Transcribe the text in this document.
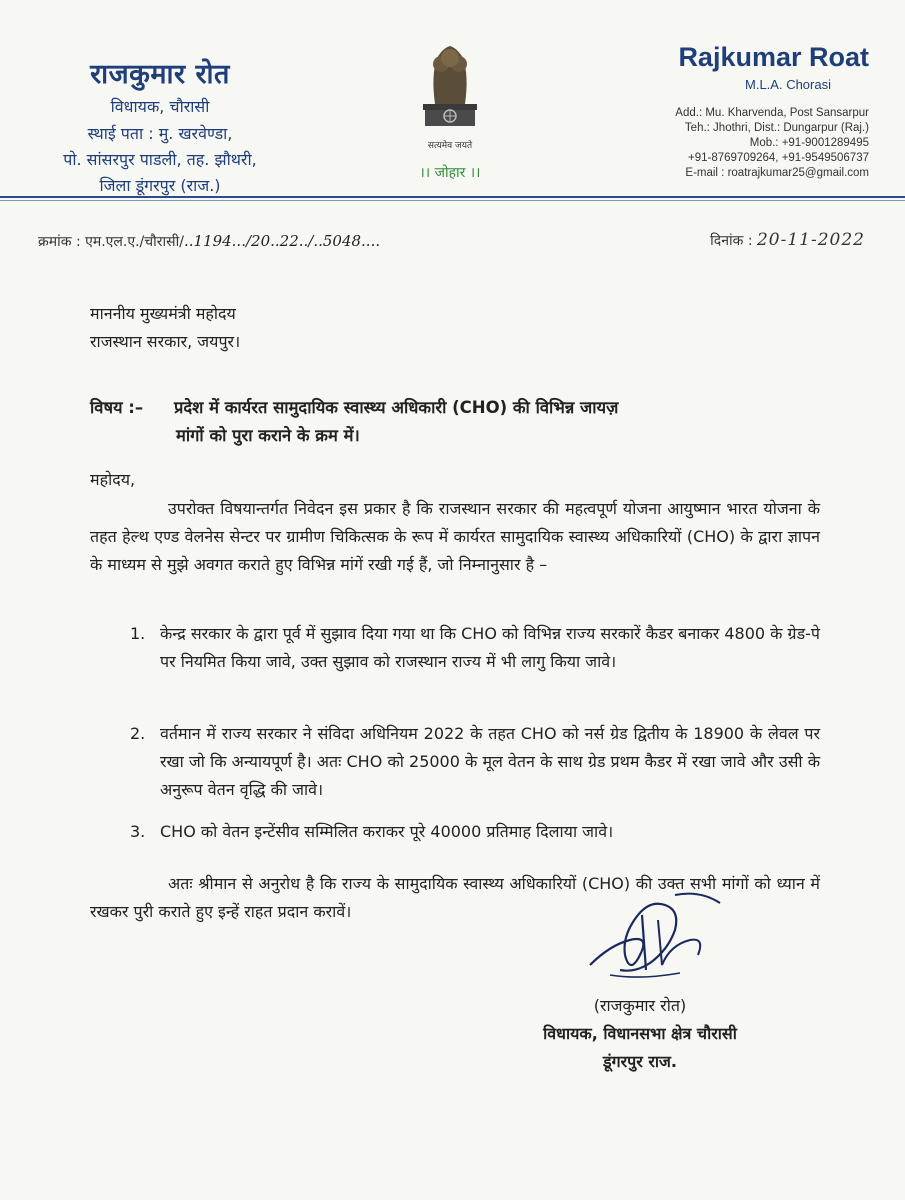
राजकुमार रोत
विधायक, चौरासी
स्थाई पता : मु. खरवेण्डा,
पो. सांसरपुर पाडली, तह. झौथरी,
जिला डूंगरपुर (राज.)
सत्यमेव जयते
।। जोहार ।।
Rajkumar Roat
M.L.A. Chorasi
Add.: Mu. Kharvenda, Post Sansarpur
Teh.: Jhothri, Dist.: Dungarpur (Raj.)
Mob.: +91-9001289495
+91-8769709264, +91-9549506737
E-mail : roatrajkumar25@gmail.com
क्रमांक : एम.एल.ए./चौरासी/..1194.../20..22../..5048....	दिनांक : 20-11-2022
माननीय मुख्यमंत्री महोदय
राजस्थान सरकार, जयपुर।
विषय :– प्रदेश में कार्यरत सामुदायिक स्वास्थ्य अधिकारी (CHO) की विभिन्न जायज़
मांगों को पुरा कराने के क्रम में।
महोदय,
उपरोक्त विषयान्तर्गत निवेदन इस प्रकार है कि राजस्थान सरकार की महत्वपूर्ण योजना आयुष्मान भारत योजना के तहत हेल्थ एण्ड वेलनेस सेन्टर पर ग्रामीण चिकित्सक के रूप में कार्यरत सामुदायिक स्वास्थ्य अधिकारियों (CHO) के द्वारा ज्ञापन के माध्यम से मुझे अवगत कराते हुए विभिन्न मांगें रखी गई हैं, जो निम्नानुसार है –
1. केन्द्र सरकार के द्वारा पूर्व में सुझाव दिया गया था कि CHO को विभिन्न राज्य सरकारें कैडर बनाकर 4800 के ग्रेड-पे पर नियमित किया जावे, उक्त सुझाव को राजस्थान राज्य में भी लागु किया जावे।
2. वर्तमान में राज्य सरकार ने संविदा अधिनियम 2022 के तहत CHO को नर्स ग्रेड द्वितीय के 18900 के लेवल पर रखा जो कि अन्यायपूर्ण है। अतः CHO को 25000 के मूल वेतन के साथ ग्रेड प्रथम कैडर में रखा जावे और उसी के अनुरूप वेतन वृद्धि की जावे।
3. CHO को वेतन इन्टेंसीव सम्मिलित कराकर पूरे 40000 प्रतिमाह दिलाया जावे।
अतः श्रीमान से अनुरोध है कि राज्य के सामुदायिक स्वास्थ्य अधिकारियों (CHO) की उक्त सभी मांगों को ध्यान में रखकर पुरी कराते हुए इन्हें राहत प्रदान करावें।
(राजकुमार रोत)
विधायक, विधानसभा क्षेत्र चौरासी
डूंगरपुर राज.
